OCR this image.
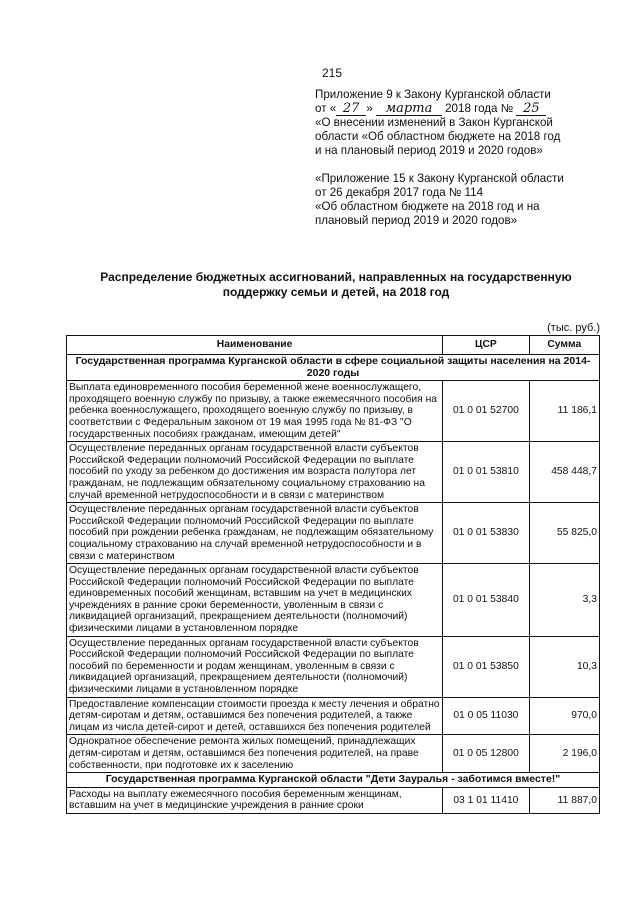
215
Приложение 9 к Закону Курганской области
от « 27 » марта 2018 года № 25
«О внесении изменений в Закон Курганской
области «Об областном бюджете на 2018 год
и на плановый период 2019 и 2020 годов»
«Приложение 15 к Закону Курганской области
от 26 декабря 2017 года № 114
«Об областном бюджете на 2018 год и на
плановый период 2019 и 2020 годов»
Распределение бюджетных ассигнований, направленных на государственную
поддержку семьи и детей, на 2018 год
(тыс. руб.)
Наименование	ЦСР	Сумма
Государственная программа Курганской области в сфере социальной защиты населения на 2014-2020 годы		
Выплата единовременного пособия беременной жене военнослужащего, проходящего военную службу по призыву, а также ежемесячного пособия на ребенка военнослужащего, проходящего военную службу по призыву, в соответствии с Федеральным законом от 19 мая 1995 года № 81-ФЗ "О государственных пособиях гражданам, имеющим детей"	01 0 01 52700	11 186,1
Осуществление переданных органам государственной власти субъектов Российской Федерации полномочий Российской Федерации по выплате пособий по уходу за ребенком до достижения им возраста полутора лет гражданам, не подлежащим обязательному социальному страхованию на случай временной нетрудоспособности и в связи с материнством	01 0 01 53810	458 448,7
Осуществление переданных органам государственной власти субъектов Российской Федерации полномочий Российской Федерации по выплате пособий при рождении ребенка гражданам, не подлежащим обязательному социальному страхованию на случай временной нетрудоспособности и в связи с материнством	01 0 01 53830	55 825,0
Осуществление переданных органам государственной власти субъектов Российской Федерации полномочий Российской Федерации по выплате единовременных пособий женщинам, вставшим на учет в медицинских учреждениях в ранние сроки беременности, уволенным в связи с ликвидацией организаций, прекращением деятельности (полномочий) физическими лицами в установленном порядке	01 0 01 53840	3,3
Осуществление переданных органам государственной власти субъектов Российской Федерации полномочий Российской Федерации по выплате пособий по беременности и родам женщинам, уволенным в связи с ликвидацией организаций, прекращением деятельности (полномочий) физическими лицами в установленном порядке	01 0 01 53850	10,3
Предоставление компенсации стоимости проезда к месту лечения и обратно детям-сиротам и детям, оставшимся без попечения родителей, а также лицам из числа детей-сирот и детей, оставшихся без попечения родителей	01 0 05 11030	970,0
Однократное обеспечение ремонта жилых помещений, принадлежащих детям-сиротам и детям, оставшимся без попечения родителей, на праве собственности, при подготовке их к заселению	01 0 05 12800	2 196,0
Государственная программа Курганской области "Дети Зауралья - заботимся вместе!"		
Расходы на выплату ежемесячного пособия беременным женщинам, вставшим на учет в медицинские учреждения в ранние сроки	03 1 01 11410	11 887,0
